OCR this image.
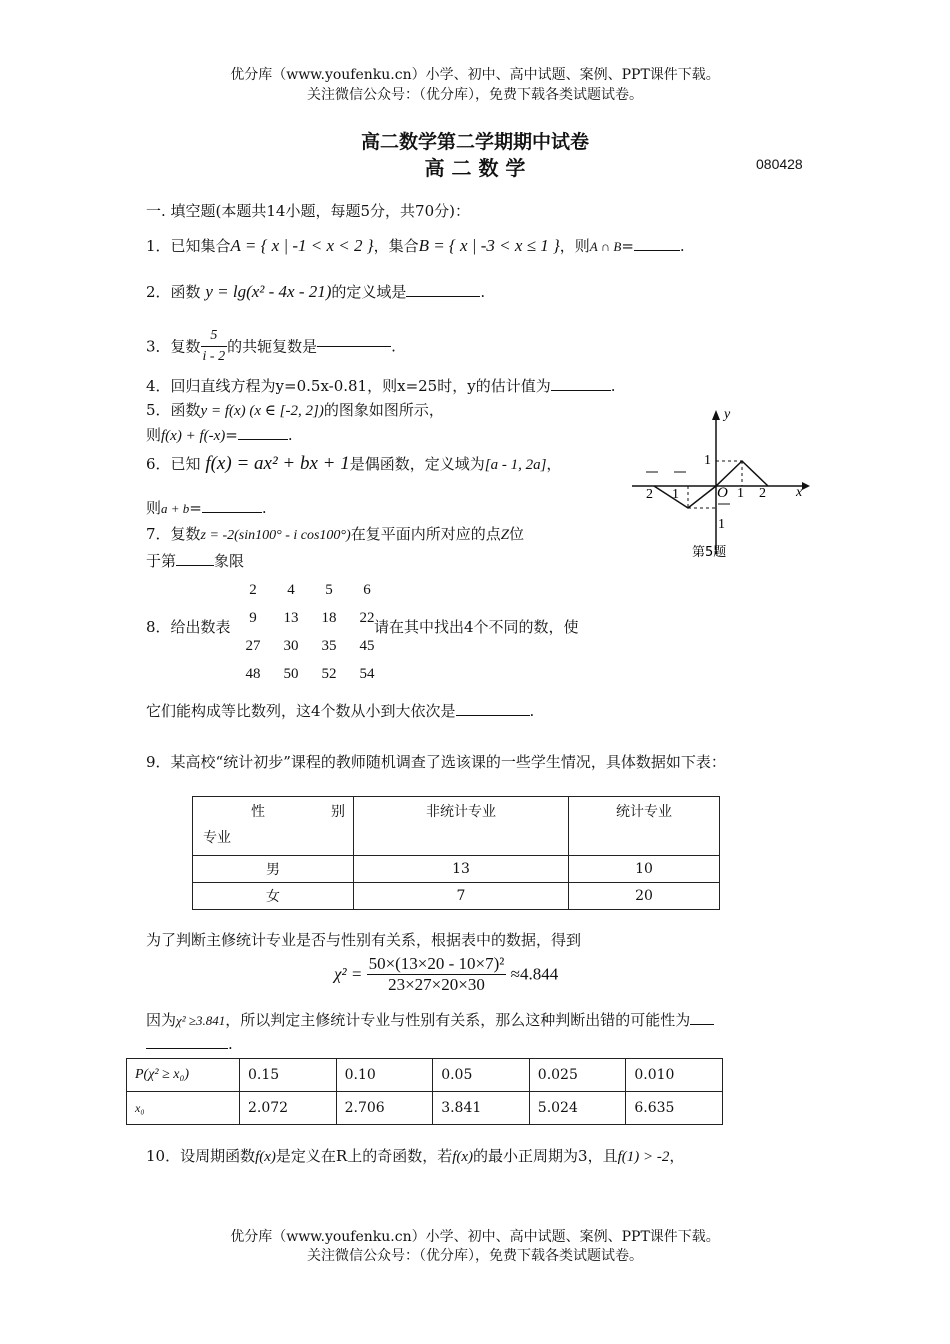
优分库（www.youfenku.cn）小学、初中、高中试题、案例、PPT课件下载。
关注微信公众号：（优分库），免费下载各类试题试卷。
高二数学第二学期期中试卷
高 二 数 学	080428
一. 填空题(本题共14小题，每题5分，共70分)：
1．已知集合A = { x | -1 < x < 2 }，集合B = { x | -3 < x ≤ 1 }，则A ∩ B=	.
2．函数 y = lg(x² - 4x - 21)的定义域是	.
3．复数 $\frac{5}{i - 2}$ 的共轭复数是	.
4．回归直线方程为y=0.5x-0.81，则x=25时，y的估计值为	.
5．函数y = f(x) (x ∈ [-2, 2])的图象如图所示，
则f(x) + f(-x)=	.
6．已知 f(x) = ax² + bx + 1是偶函数，定义域为[a - 1, 2a]，
则a + b=	.
7．复数z = -2(sin100° - i cos100°)在复平面内所对应的点Z位
于第	象限
y
x
O 1 2
1
2
1
1
第5题
2	4	5	6
9	13	18	22
27	30	35	45
48	50	52	54
8．给出数表	请在其中找出4个不同的数，使
它们能构成等比数列，这4个数从小到大依次是	.
9．某高校“统计初步”课程的教师随机调查了选该课的一些学生情况，具体数据如下表：
性 别
专业	非统计专业	统计专业
男	13	10
女	7	20
为了判断主修统计专业是否与性别有关系，根据表中的数据，得到
$\chi^2 = \frac{\text{50×(13×20 - 10×7)²}}{23\times 27\times 20\times 30} \approx 4.844$
因为χ² ≥3.841，所以判定主修统计专业与性别有关系，那么这种判断出错的可能性为
.
P(χ² ≥ x₀)	0.15	0.10	0.05	0.025	0.010
x₀	2.072	2.706	3.841	5.024	6.635
10．设周期函数f(x)是定义在R上的奇函数，若f(x)的最小正周期为3，且f(1) > -2，
优分库（www.youfenku.cn）小学、初中、高中试题、案例、PPT课件下载。
关注微信公众号：（优分库），免费下载各类试题试卷。
